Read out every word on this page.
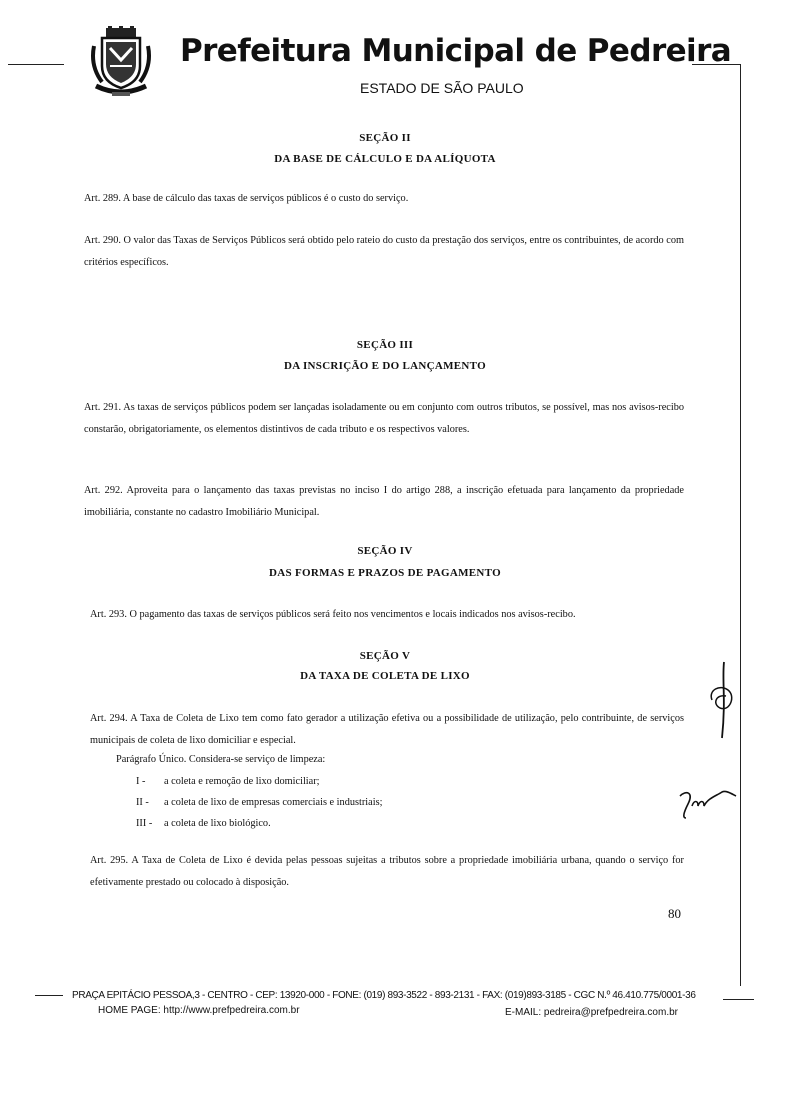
Prefeitura Municipal de Pedreira
ESTADO DE SÃO PAULO
SEÇÃO II
DA BASE DE CÁLCULO E DA ALÍQUOTA
Art. 289. A base de cálculo das taxas de serviços públicos é o custo do serviço.
Art. 290. O valor das Taxas de Serviços Públicos será obtido pelo rateio do custo da prestação dos serviços, entre os contribuintes, de acordo com critérios específicos.
SEÇÃO III
DA INSCRIÇÃO E DO LANÇAMENTO
Art. 291. As taxas de serviços públicos podem ser lançadas isoladamente ou em conjunto com outros tributos, se possível, mas nos avisos-recibo constarão, obrigatoriamente, os elementos distintivos de cada tributo e os respectivos valores.
Art. 292. Aproveita para o lançamento das taxas previstas no inciso I do artigo 288, a inscrição efetuada para lançamento da propriedade imobiliária, constante no cadastro Imobiliário Municipal.
SEÇÃO IV
DAS FORMAS E PRAZOS DE PAGAMENTO
Art. 293. O pagamento das taxas de serviços públicos será feito nos vencimentos e locais indicados nos avisos-recibo.
SEÇÃO V
DA TAXA DE COLETA DE LIXO
Art. 294. A Taxa de Coleta de Lixo tem como fato gerador a utilização efetiva ou a possibilidade de utilização, pelo contribuinte, de serviços municipais de coleta de lixo domiciliar e especial.
Parágrafo Único. Considera-se serviço de limpeza:
I - a coleta e remoção de lixo domiciliar;
II - a coleta de lixo de empresas comerciais e industriais;
III - a coleta de lixo biológico.
Art. 295. A Taxa de Coleta de Lixo é devida pelas pessoas sujeitas a tributos sobre a propriedade imobiliária urbana, quando o serviço for efetivamente prestado ou colocado à disposição.
80
PRAÇA EPITÁCIO PESSOA,3 - CENTRO - CEP: 13920-000 - FONE: (019) 893-3522 - 893-2131 - FAX: (019)893-3185 - CGC N.º 46.410.775/0001-36
HOME PAGE: http://www.prefpedreira.com.br	E-MAIL: pedreira@prefpedreira.com.br
